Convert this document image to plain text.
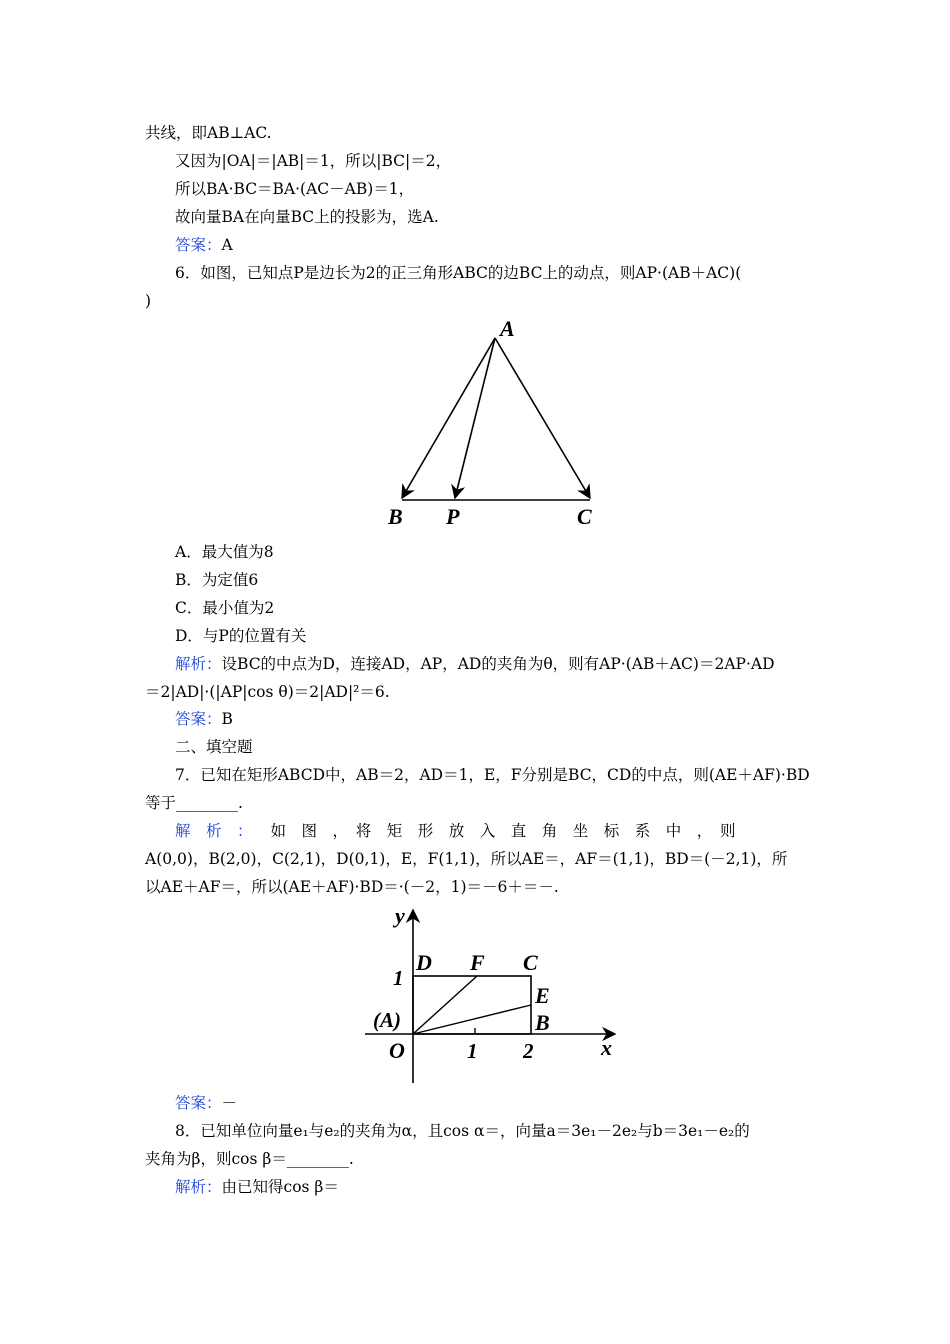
共线，即AB⊥AC.
又因为|OA|＝|AB|＝1，所以|BC|＝2，
所以BA·BC＝BA·(AC－AB)＝1，
故向量BA在向量BC上的投影为，选A.
答案：A
6．如图，已知点P是边长为2的正三角形ABC的边BC上的动点，则AP·(AB＋AC)(
)
A
B P	C
A．最大值为8
B．为定值6
C．最小值为2
D．与P的位置有关
解析：设BC的中点为D，连接AD，AP，AD的夹角为θ，则有AP·(AB＋AC)＝2AP·AD
＝2|AD|·(|AP|cos θ)＝2|AD|²＝6.
答案：B
二、填空题
7．已知在矩形ABCD中，AB＝2，AD＝1，E，F分别是BC，CD的中点，则(AE＋AF)·BD
等于________.
解　析　： 如　图　，　将　矩　形　放　入　直　角　坐　标　系　中　，　则
A(0,0)，B(2,0)，C(2,1)，D(0,1)，E，F(1,1)，所以AE＝，AF＝(1,1)，BD＝(－2,1)，所
以AE＋AF＝，所以(AE＋AF)·BD＝·(－2，1)＝－6＋＝－.
y
x
1
D F C
E
(A)	B
O	1 2
答案：－
8．已知单位向量e₁与e₂的夹角为α，且cos α＝，向量a＝3e₁－2e₂与b＝3e₁－e₂的
夹角为β，则cos β＝________.
解析：由已知得cos β＝
